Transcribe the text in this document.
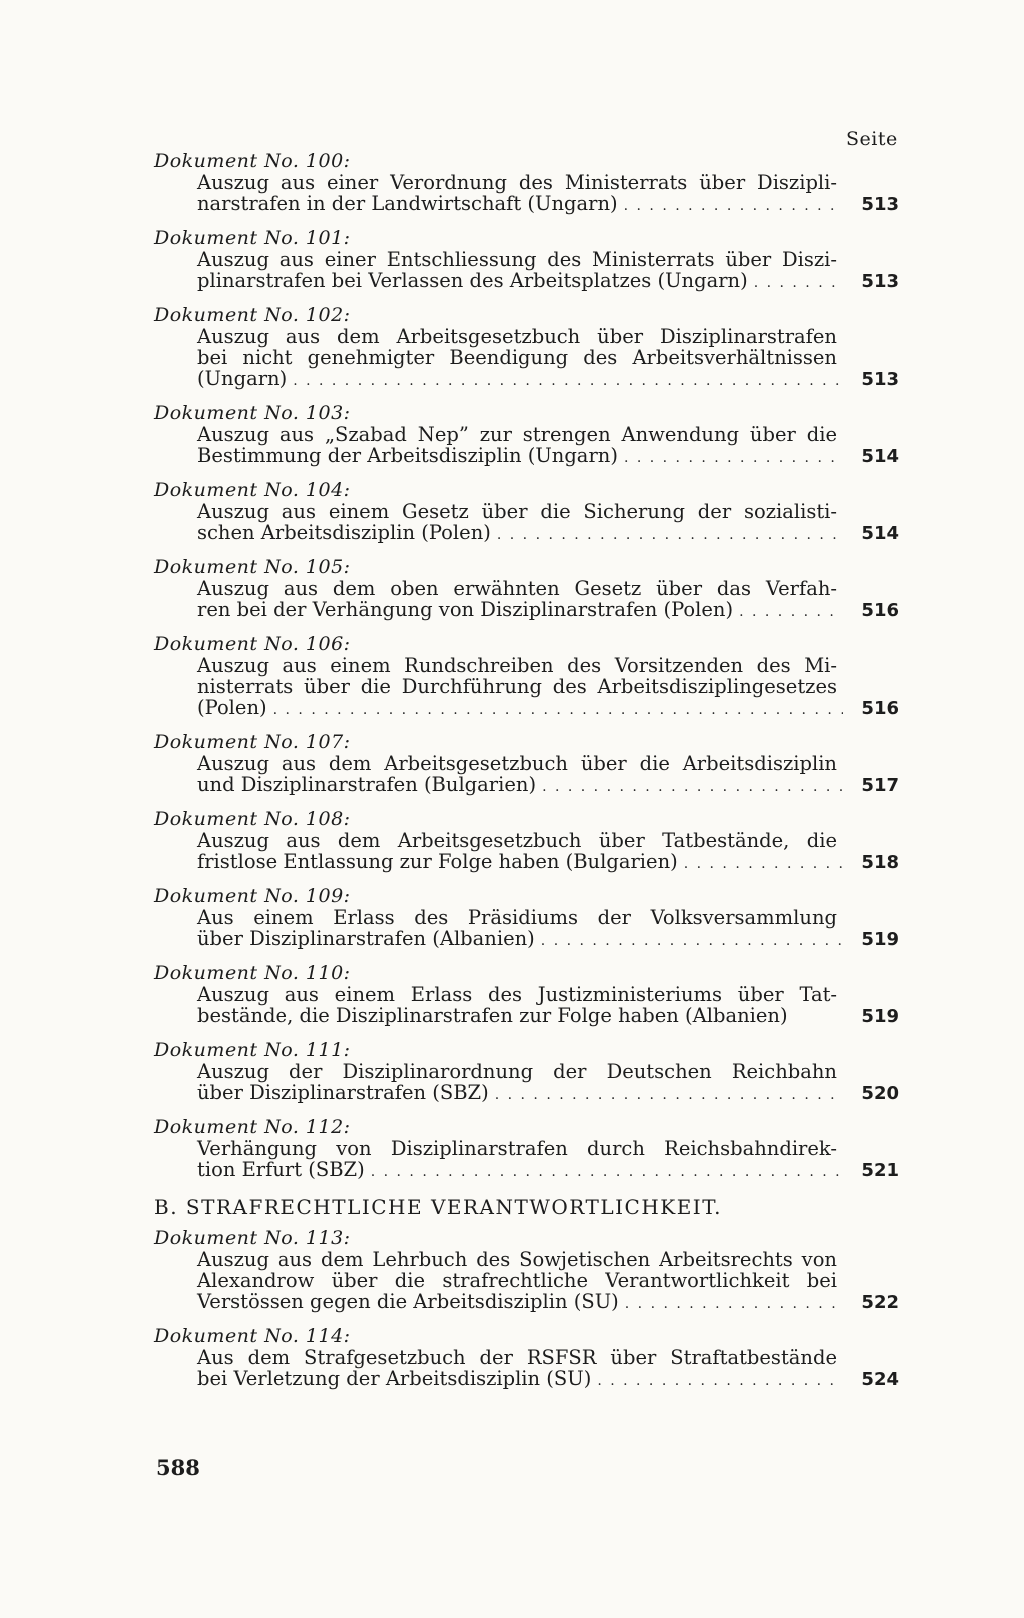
Seite
Dokument No. 100:
Auszug aus einer Verordnung des Ministerrats über Diszipli-
narstrafen in der Landwirtschaft (Ungarn) . . .	513
Dokument No. 101:
Auszug aus einer Entschliessung des Ministerrats über Diszi-
plinarstrafen bei Verlassen des Arbeitsplatzes (Ungarn) . . .	513
Dokument No. 102:
Auszug aus dem Arbeitsgesetzbuch über Disziplinarstrafen
bei nicht genehmigter Beendigung des Arbeitsverhältnissen
(Ungarn) . . .	513
Dokument No. 103:
Auszug aus „Szabad Nep” zur strengen Anwendung über die
Bestimmung der Arbeitsdisziplin (Ungarn) . . .	514
Dokument No. 104:
Auszug aus einem Gesetz über die Sicherung der sozialisti-
schen Arbeitsdisziplin (Polen) . . .	514
Dokument No. 105:
Auszug aus dem oben erwähnten Gesetz über das Verfah-
ren bei der Verhängung von Disziplinarstrafen (Polen) . . .	516
Dokument No. 106:
Auszug aus einem Rundschreiben des Vorsitzenden des Mi-
nisterrats über die Durchführung des Arbeitsdisziplingesetzes
(Polen) . . .	516
Dokument No. 107:
Auszug aus dem Arbeitsgesetzbuch über die Arbeitsdisziplin
und Disziplinarstrafen (Bulgarien) . . .	517
Dokument No. 108:
Auszug aus dem Arbeitsgesetzbuch über Tatbestände, die
fristlose Entlassung zur Folge haben (Bulgarien) . . .	518
Dokument No. 109:
Aus einem Erlass des Präsidiums der Volksversammlung
über Disziplinarstrafen (Albanien) . . .	519
Dokument No. 110:
Auszug aus einem Erlass des Justizministeriums über Tat-
bestände, die Disziplinarstrafen zur Folge haben (Albanien)	519
Dokument No. 111:
Auszug der Disziplinarordnung der Deutschen Reichbahn
über Disziplinarstrafen (SBZ) . . .	520
Dokument No. 112:
Verhängung von Disziplinarstrafen durch Reichsbahndirek-
tion Erfurt (SBZ) . . .	521
B. STRAFRECHTLICHE VERANTWORTLICHKEIT.
Dokument No. 113:
Auszug aus dem Lehrbuch des Sowjetischen Arbeitsrechts von
Alexandrow über die strafrechtliche Verantwortlichkeit bei
Verstössen gegen die Arbeitsdisziplin (SU) . . .	522
Dokument No. 114:
Aus dem Strafgesetzbuch der RSFSR über Straftatbestände
bei Verletzung der Arbeitsdisziplin (SU) . . .	524
588
